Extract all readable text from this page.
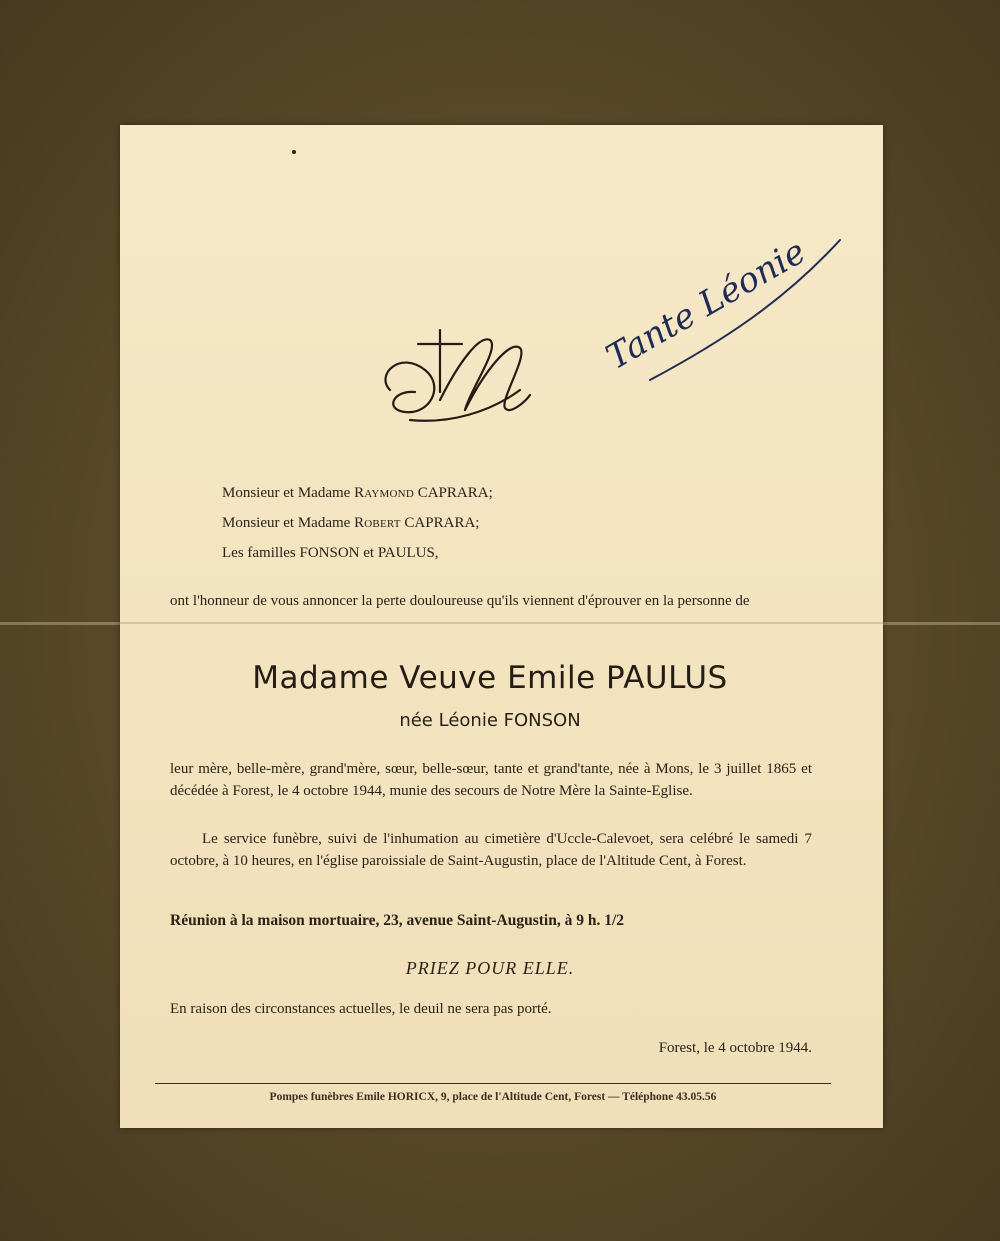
Tante Léonie
Monsieur et Madame Raymond CAPRARA;
Monsieur et Madame Robert CAPRARA;
Les familles FONSON et PAULUS,
ont l'honneur de vous annoncer la perte douloureuse qu'ils viennent d'éprouver en la personne de
Madame Veuve Emile PAULUS
née Léonie FONSON
leur mère, belle-mère, grand'mère, sœur, belle-sœur, tante et grand'tante, née à Mons, le 3 juillet 1865 et décédée à Forest, le 4 octobre 1944, munie des secours de Notre Mère la Sainte-Eglise.
Le service funèbre, suivi de l'inhumation au cimetière d'Uccle-Calevoet, sera celébré le samedi 7 octobre, à 10 heures, en l'église paroissiale de Saint-Augustin, place de l'Altitude Cent, à Forest.
Réunion à la maison mortuaire, 23, avenue Saint-Augustin, à 9 h. 1/2
PRIEZ POUR ELLE.
En raison des circonstances actuelles, le deuil ne sera pas porté.
Forest, le 4 octobre 1944.
Pompes funèbres Emile HORICX, 9, place de l'Altitude Cent, Forest — Téléphone 43.05.56
